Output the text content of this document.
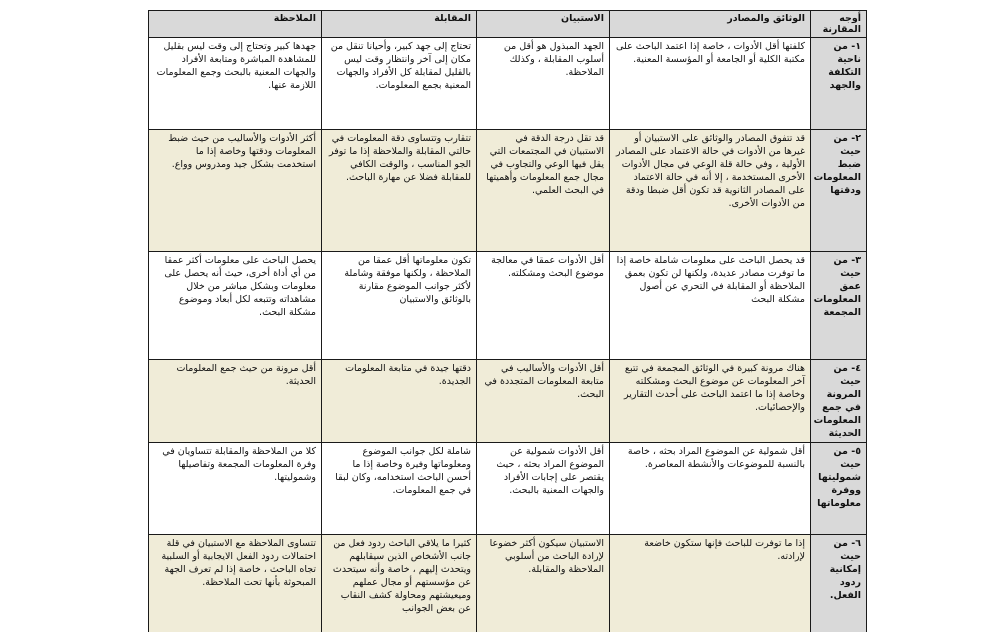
أوجه المقارنة	الوثائق والمصادر	الاستبيان	المقابلة	الملاحظة
١- من ناحية التكلفة والجهد	كلفتها أقل الأدوات ، خاصة إذا اعتمد الباحث على مكتبة الكلية أو الجامعة أو المؤسسة المعنية.	الجهد المبذول هو أقل من أسلوب المقابلة ، وكذلك الملاحظة.	تحتاج إلى جهد كبير، وأحيانا تنقل من مكان إلى آخر وانتظار وقت ليس بالقليل لمقابلة كل الأفراد والجهات المعنية بجمع المعلومات.	جهدها كبير وتحتاج إلى وقت ليس بقليل للمشاهدة المباشرة ومتابعة الأفراد والجهات المعنية بالبحث وجمع المعلومات اللازمة عنها.
٢- من حيث ضبط المعلومات ودقتها	قد تتفوق المصادر والوثائق على الاستبيان أو غيرها من الأدوات في حالة الاعتماد على المصادر الأولية ، وفي حالة قلة الوعي في مجال الأدوات الأخرى المستخدمة ، إلا أنه في حالة الاعتماد على المصادر الثانوية قد تكون أقل ضبطا ودقة من الأدوات الأخرى.	قد تقل درجة الدقة في الاستبيان في المجتمعات التي يقل فيها الوعي والتجاوب في مجال جمع المعلومات وأهميتها في البحث العلمي.	تتقارب وتتساوى دقة المعلومات في حالتي المقابلة والملاحظة إذا ما توفر الجو المناسب ، والوقت الكافي للمقابلة فضلا عن مهارة الباحث.	أكثر الأدوات والأساليب من حيث ضبط المعلومات ودقتها وخاصة إذا ما استخدمت بشكل جيد ومدروس وواع.
٣- من حيث عمق المعلومات المجمعة	قد يحصل الباحث على معلومات شاملة خاصة إذا ما توفرت مصادر عديدة، ولكنها لن تكون بعمق الملاحظة أو المقابلة في التحري عن أصول مشكلة البحث	أقل الأدوات عمقا في معالجة موضوع البحث ومشكلته.	تكون معلوماتها أقل عمقا من الملاحظة ، ولكنها موفقة وشاملة لأكثر جوانب الموضوع مقارنة بالوثائق والاستبيان	يحصل الباحث على معلومات أكثر عمقا من أي أداة أخرى، حيث أنه يحصل على معلومات وبشكل مباشر من خلال مشاهداته وتتبعه لكل أبعاد وموضوع مشكلة البحث.
٤- من حيث المرونة في جمع المعلومات الحديثة	هناك مرونة كبيرة في الوثائق المجمعة في تتبع آخر المعلومات عن موضوع البحث ومشكلته وخاصة إذا ما اعتمد الباحث على أحدث التقارير والإحصائيات.	أقل الأدوات والأساليب في متابعة المعلومات المتجددة في البحث.	دقتها جيدة في متابعة المعلومات الجديدة.	أقل مرونة من حيث جمع المعلومات الحديثة.
٥- من حيث شموليتها ووفرة معلوماتها	أقل شمولية عن الموضوع المراد بحثه ، خاصة بالنسبة للموضوعات والأنشطة المعاصرة.	أقل الأدوات شمولية عن الموضوع المراد بحثه ، حيث يقتصر على إجابات الأفراد والجهات المعنية بالبحث.	شاملة لكل جوانب الموضوع ومعلوماتها وفيرة وخاصة إذا ما أحسن الباحث استخدامه، وكان لبقا في جمع المعلومات.	كلا من الملاحظة والمقابلة تتساويان في وفرة المعلومات المجمعة وتفاصيلها وشموليتها.
٦- من حيث إمكانية ردود الفعل.	إذا ما توفرت للباحث فإنها ستكون خاضعة لإرادته.	الاستبيان سيكون أكثر خضوعا لإرادة الباحث من أسلوبي الملاحظة والمقابلة.	كثيرا ما يلاقي الباحث ردود فعل من جانب الأشخاص الذين سيقابلهم ويتحدث إليهم ، خاصة وأنه سيتحدث عن مؤسستهم أو مجال عملهم وميعيشتهم ومحاولة كشف النقاب عن بعض الجوانب	تتساوى الملاحظة مع الاستبيان في قلة احتمالات ردود الفعل الايجابية أو السلبية تجاه الباحث ، خاصة إذا لم تعرف الجهة المبحوثة بأنها تحت الملاحظة.
